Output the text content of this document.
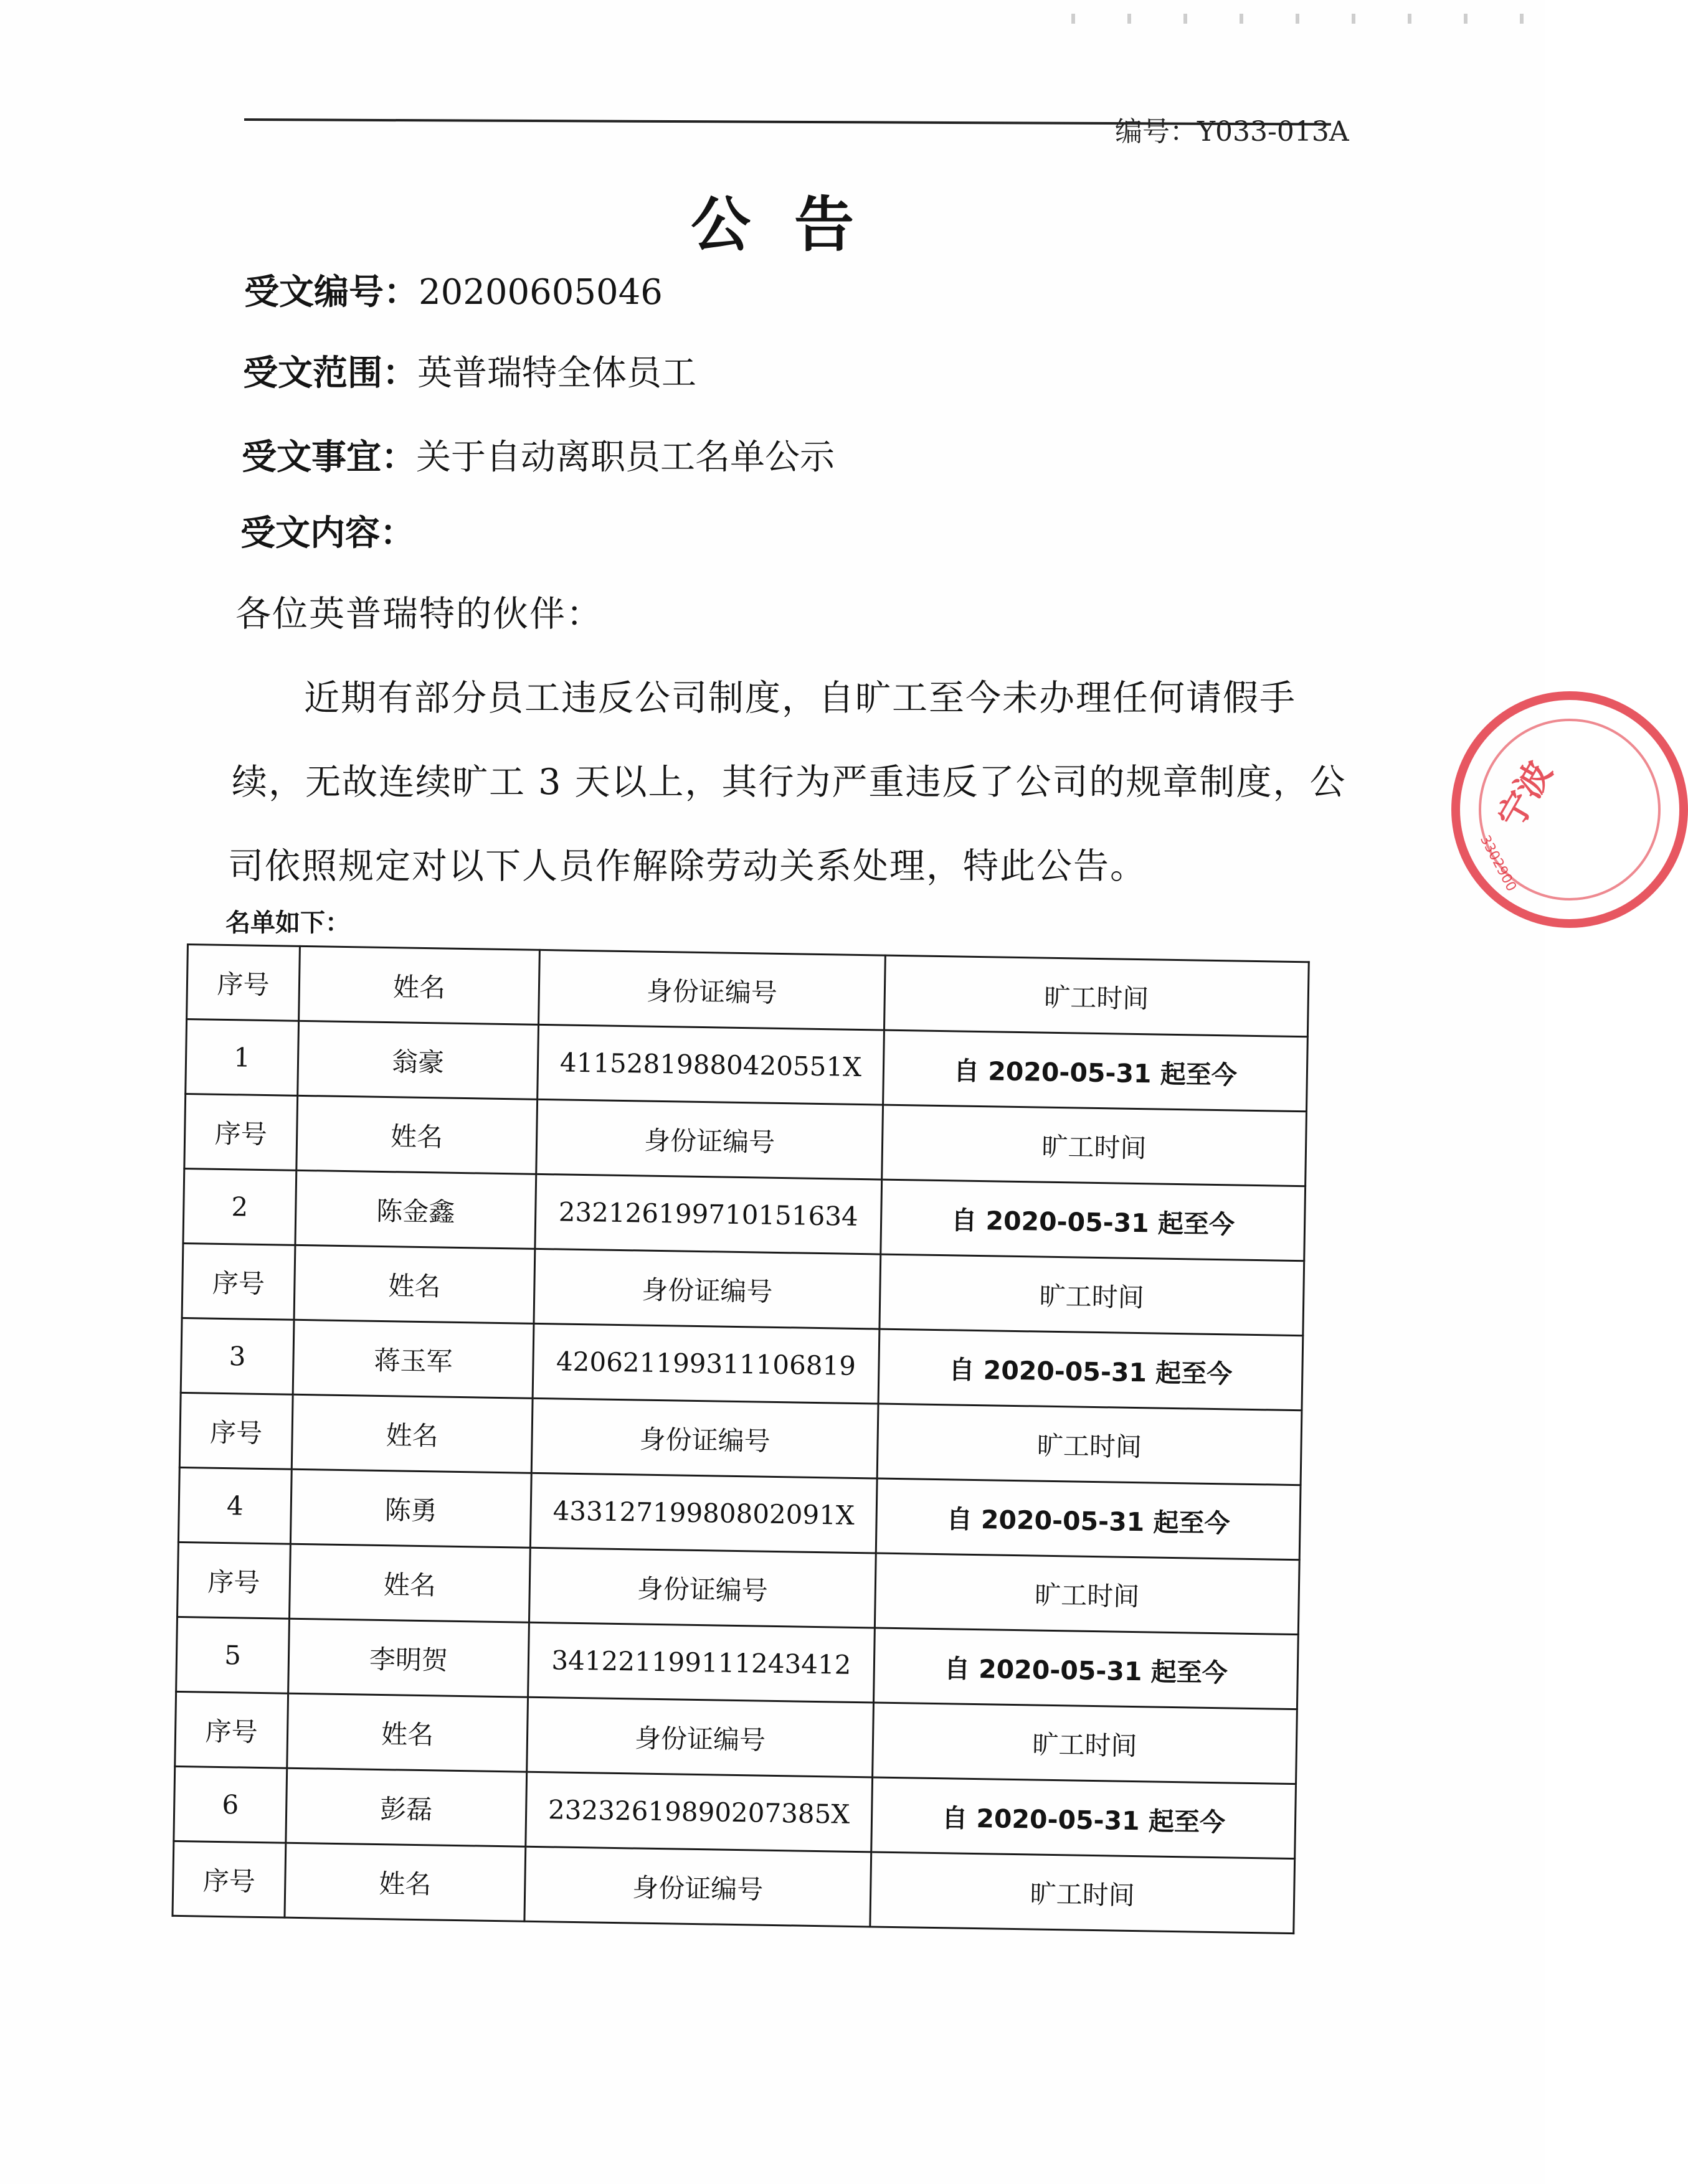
编号：Y033-013A
公告
受文编号：20200605046
受文范围：英普瑞特全体员工
受文事宜：关于自动离职员工名单公示
受文内容：
各位英普瑞特的伙伴：
近期有部分员工违反公司制度，自旷工至今未办理任何请假手
续，无故连续旷工 3 天以上，其行为严重违反了公司的规章制度，公
司依照规定对以下人员作解除劳动关系处理，特此公告。
名单如下：
序号	姓名	身份证编号	旷工时间
1	翁豪	41152819880420551X	自 2020-05-31 起至今
序号	姓名	身份证编号	旷工时间
2	陈金鑫	232126199710151634	自 2020-05-31 起至今
序号	姓名	身份证编号	旷工时间
3	蒋玉军	420621199311106819	自 2020-05-31 起至今
序号	姓名	身份证编号	旷工时间
4	陈勇	43312719980802091X	自 2020-05-31 起至今
序号	姓名	身份证编号	旷工时间
5	李明贺	341221199111243412	自 2020-05-31 起至今
序号	姓名	身份证编号	旷工时间
6	彭磊	23232619890207385X	自 2020-05-31 起至今
序号	姓名	身份证编号	旷工时间
宁波
3302900
